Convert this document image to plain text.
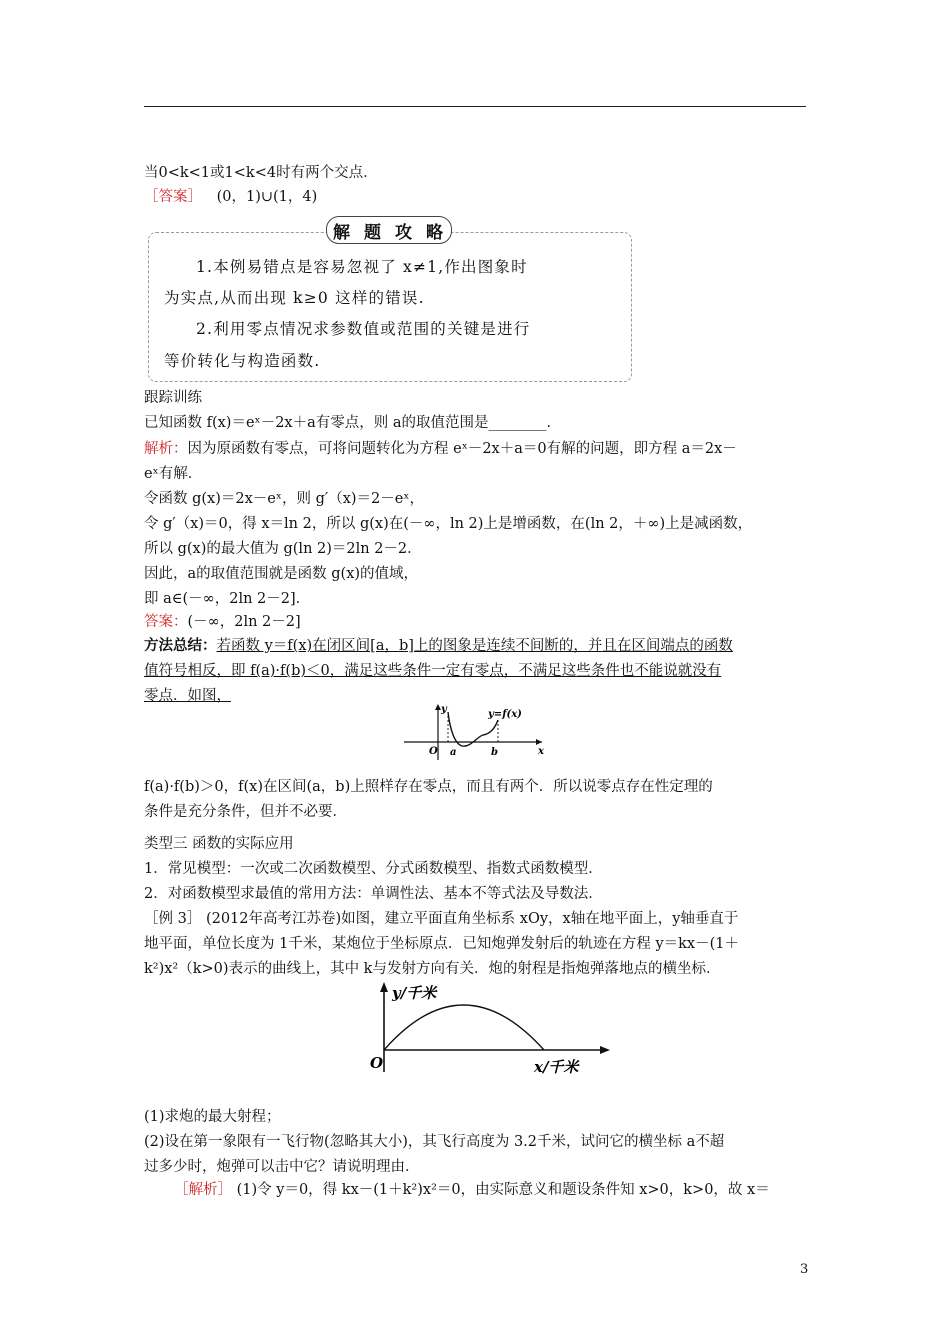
当0<k<1或1<k<4时有两个交点．
［答案］ (0，1)∪(1，4)
解 题 攻 略
1.本例易错点是容易忽视了 x≠1,作出图象时
为实点,从而出现 k≥0 这样的错误.
2.利用零点情况求参数值或范围的关键是进行
等价转化与构造函数.
跟踪训练
已知函数 f(x)＝eˣ－2x＋a有零点，则 a的取值范围是________．
解析：因为原函数有零点，可将问题转化为方程 eˣ－2x＋a＝0有解的问题，即方程 a＝2x－
eˣ有解．
令函数 g(x)＝2x－eˣ，则 g′（x)＝2－eˣ，
令 g′（x)＝0，得 x＝ln 2，所以 g(x)在(－∞，ln 2)上是增函数，在(ln 2，＋∞)上是减函数，
所以 g(x)的最大值为 g(ln 2)＝2ln 2－2．
因此，a的取值范围就是函数 g(x)的值域，
即 a∈(－∞，2ln 2－2]．
答案：(－∞，2ln 2－2]
方法总结：若函数 y＝f(x)在闭区间[a，b]上的图象是连续不间断的，并且在区间端点的函数
值符号相反，即 f(a)·f(b)＜0，满足这些条件一定有零点，不满足这些条件也不能说就没有
零点．如图，
y
x
O a	b
y=f(x)
f(a)·f(b)＞0，f(x)在区间(a，b)上照样存在零点，而且有两个．所以说零点存在性定理的
条件是充分条件，但并不必要．
类型三 函数的实际应用
1．常见模型：一次或二次函数模型、分式函数模型、指数式函数模型．
2．对函数模型求最值的常用方法：单调性法、基本不等式法及导数法．
［例 3］ (2012年高考江苏卷)如图，建立平面直角坐标系 xOy，x轴在地平面上，y轴垂直于
地平面，单位长度为 1千米，某炮位于坐标原点．已知炮弹发射后的轨迹在方程 y＝kx－(1＋
k²)x²（k>0)表示的曲线上，其中 k与发射方向有关．炮的射程是指炮弹落地点的横坐标．
y/千米
x/千米
O
(1)求炮的最大射程；
(2)设在第一象限有一飞行物(忽略其大小)，其飞行高度为 3.2千米，试问它的横坐标 a不超
过多少时，炮弹可以击中它？请说明理由．
［解析］ (1)令 y＝0，得 kx－(1＋k²)x²＝0，由实际意义和题设条件知 x>0，k>0，故 x＝
3
